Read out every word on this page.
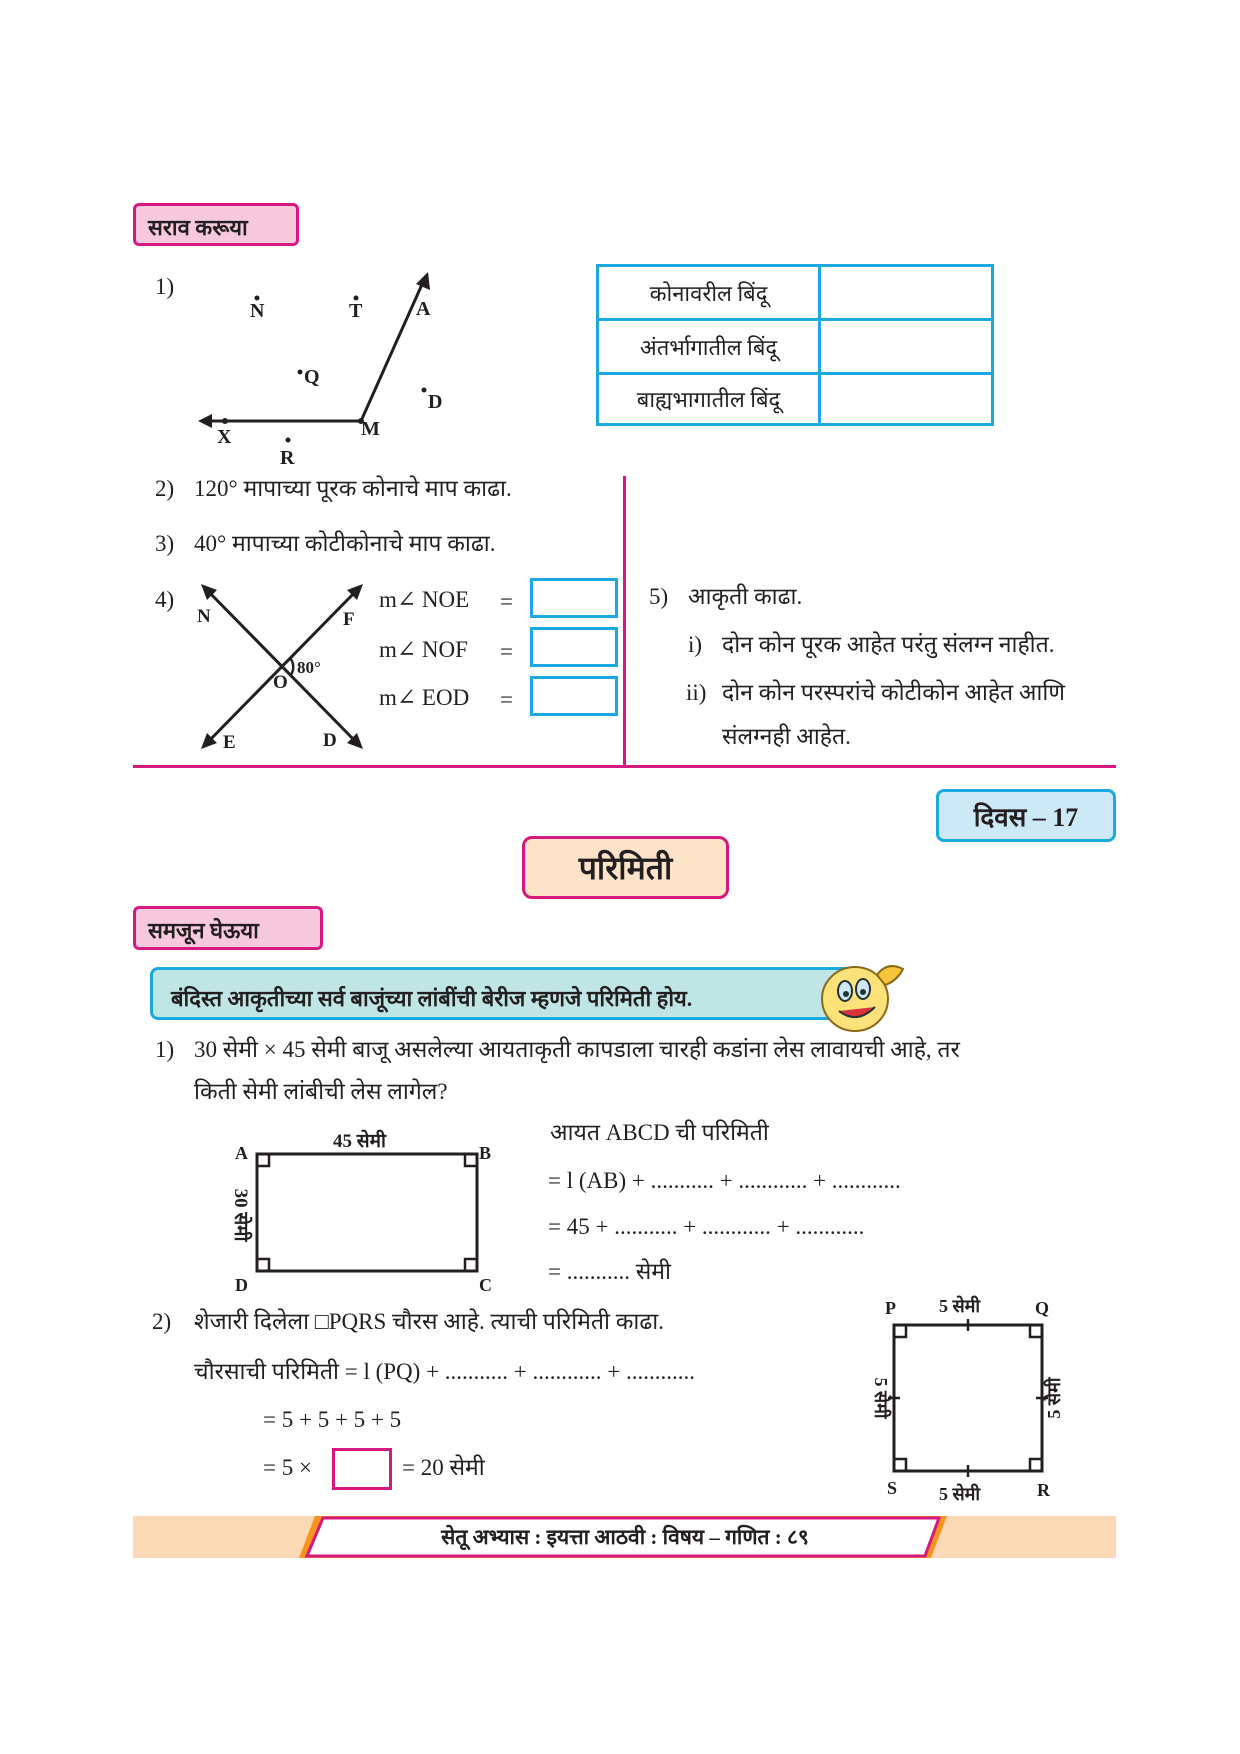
सराव करूया
1)
N	T	A
Q
D
X	M
R
कोनावरील बिंदू
अंतर्भागातील बिंदू
बाह्यभागातील बिंदू
2) 120° मापाच्या पूरक कोनाचे माप काढा.
3) 40° मापाच्या कोटीकोनाचे माप काढा.
4)
N	F
E	D
O
80°
m∠ NOE =
m∠ NOF =
m∠ EOD =
5) आकृती काढा.
i) दोन कोन पूरक आहेत परंतु संलग्न नाहीत.
ii) दोन कोन परस्परांचे कोटीकोन आहेत आणि
संलग्नही आहेत.
दिवस – 17
परिमिती
समजून घेऊया
बंदिस्त आकृतीच्या सर्व बाजूंच्या लांबींची बेरीज म्हणजे परिमिती होय.
1) 30 सेमी × 45 सेमी बाजू असलेल्या आयताकृती कापडाला चारही कडांना लेस लावायची आहे, तर
किती सेमी लांबीची लेस लागेल?
45 सेमी
30 सेमी
A	B
C
D
आयत ABCD ची परिमिती
= l (AB) + ........... + ............ + ............
= 45 + ........... + ............ + ............
= ........... सेमी
2) शेजारी दिलेला □PQRS चौरस आहे. त्याची परिमिती काढा.
चौरसाची परिमिती = l (PQ) + ........... + ............ + ............
= 5 + 5 + 5 + 5
= 5 ×	= 20 सेमी
P	Q
R
S
5 सेमी
5 सेमी
5 सेमी	5 सेमी
सेतू अभ्यास : इयत्ता आठवी : विषय – गणित : ८९
